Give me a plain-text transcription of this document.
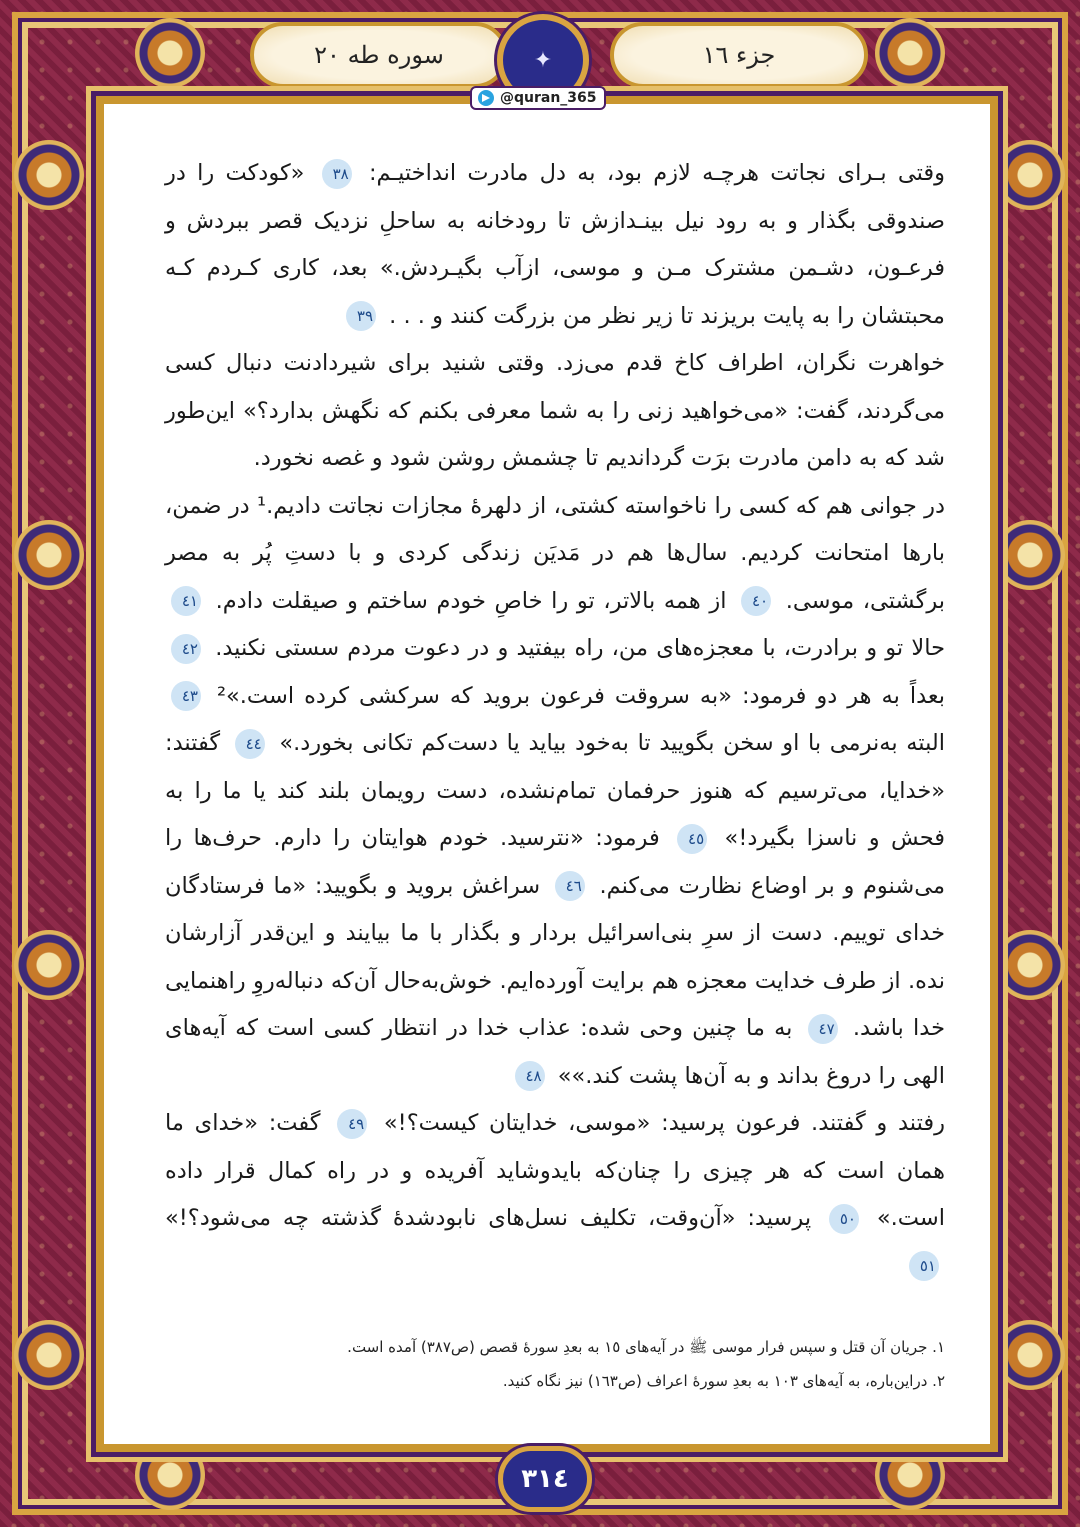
سوره طه ٢٠	جزء ١٦
✦
@quran_365

وقتی بـرای نجاتت هرچـه لازم بود، به دل مادرت انداختیـم: ٣٨ «کودکت را در صندوقی بگذار و به رود نیل بینـدازش تا رودخانه به ساحلِ نزدیک قصر ببردش و فرعـون، دشـمن مشترک مـن و موسی، ازآب بگیـردش.» بعد، کاری کـردم کـه محبتشان را به پایت بریزند تا زیر نظر من بزرگت کنند و . . . ٣٩

خواهرت نگران، اطراف کاخ قدم می‌زد. وقتی شنید برای شیردادنت دنبال کسی می‌گردند، گفت: «می‌خواهید زنی را به شما معرفی بکنم که نگهش بدارد؟» این‌طور شد که به دامن مادرت برَت گرداندیم تا چشمش روشن شود و غصه نخورد.

در جوانی هم که کسی را ناخواسته کشتی، از دلهرهٔ مجازات نجاتت دادیم.¹ در ضمن، بارها امتحانت کردیم. سال‌ها هم در مَدیَن زندگی کردی و با دستِ پُر به مصر برگشتی، موسی. ٤٠ از همه بالاتر، تو را خاصِ خودم ساختم و صیقلت دادم. ٤١ حالا تو و برادرت، با معجزه‌های من، راه بیفتید و در دعوت مردم سستی نکنید. ٤٢ بعداً به هر دو فرمود: «به سروقت فرعون بروید که سرکشی کرده است.»² ٤٣ البته به‌نرمی با او سخن بگویید تا به‌خود بیاید یا دست‌کم تکانی بخورد.» ٤٤ گفتند: «خدایا، می‌ترسیم که هنوز حرفمان تمام‌نشده، دست رویمان بلند کند یا ما را به فحش و ناسزا بگیرد!» ٤٥ فرمود: «نترسید. خودم هوایتان را دارم. حرف‌ها را می‌شنوم و بر اوضاع نظارت می‌کنم. ٤٦ سراغش بروید و بگویید: «ما فرستادگان خدای توییم. دست از سرِ بنی‌اسرائیل بردار و بگذار با ما بیایند و این‌قدر آزارشان نده. از طرف خدایت معجزه هم برایت آورده‌ایم. خوش‌به‌حال آن‌که دنباله‌روِ راهنمایی خدا باشد. ٤٧ به ما چنین وحی شده: عذاب خدا در انتظار کسی است که آیه‌های الهی را دروغ بداند و به آن‌ها پشت کند.»» ٤٨

رفتند و گفتند. فرعون پرسید: «موسی، خدایتان کیست؟!» ٤٩ گفت: «خدای ما همان است که هر چیزی را چنان‌که بایدوشاید آفریده و در راه کمال قرار داده است.» ٥٠ پرسید: «آن‌وقت، تکلیف نسل‌های نابودشدهٔ گذشته چه می‌شود؟!» ٥١

١. جریان آن قتل و سپس فرار موسی ﷺ در آیه‌های ١٥ به بعدِ سورهٔ قصص (ص٣٨٧) آمده است.
٢. دراین‌باره، به آیه‌های ١٠٣ به بعدِ سورهٔ اعراف (ص١٦٣) نیز نگاه کنید.
٣١٤
